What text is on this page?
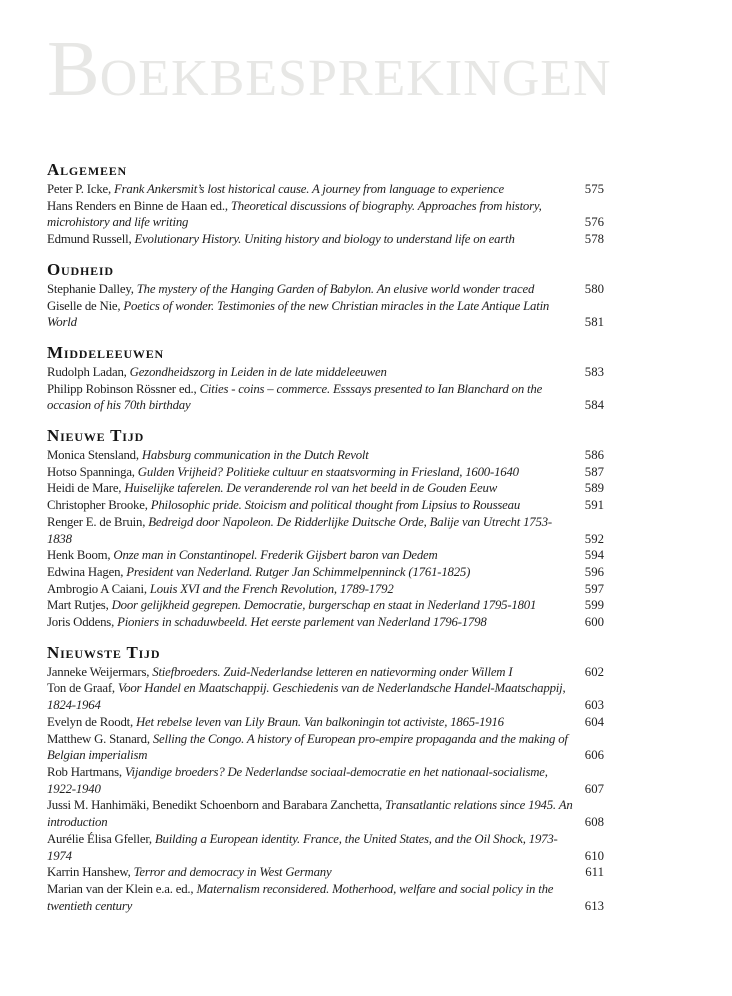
BOEKBESPREKINGEN
Algemeen
Peter P. Icke, Frank Ankersmit’s lost historical cause. A journey from language to experience	575
Hans Renders en Binne de Haan ed., Theoretical discussions of biography. Approaches from history, microhistory and life writing	576
Edmund Russell, Evolutionary History. Uniting history and biology to understand life on earth	578
Oudheid
Stephanie Dalley, The mystery of the Hanging Garden of Babylon. An elusive world wonder traced	580
Giselle de Nie, Poetics of wonder. Testimonies of the new Christian miracles in the Late Antique Latin World	581
Middeleeuwen
Rudolph Ladan, Gezondheidszorg in Leiden in de late middeleeuwen	583
Philipp Robinson Rössner ed., Cities - coins – commerce. Esssays presented to Ian Blanchard on the occasion of his 70th birthday	584
Nieuwe Tijd
Monica Stensland, Habsburg communication in the Dutch Revolt	586
Hotso Spanninga, Gulden Vrijheid? Politieke cultuur en staatsvorming in Friesland, 1600-1640	587
Heidi de Mare, Huiselijke taferelen. De veranderende rol van het beeld in de Gouden Eeuw	589
Christopher Brooke, Philosophic pride. Stoicism and political thought from Lipsius to Rousseau	591
Renger E. de Bruin, Bedreigd door Napoleon. De Ridderlijke Duitsche Orde, Balije van Utrecht 1753-1838	592
Henk Boom, Onze man in Constantinopel. Frederik Gijsbert baron van Dedem	594
Edwina Hagen, President van Nederland. Rutger Jan Schimmelpenninck (1761-1825)	596
Ambrogio A Caiani, Louis XVI and the French Revolution, 1789-1792	597
Mart Rutjes, Door gelijkheid gegrepen. Democratie, burgerschap en staat in Nederland 1795-1801	599
Joris Oddens, Pioniers in schaduwbeeld. Het eerste parlement van Nederland 1796-1798	600
Nieuwste Tijd
Janneke Weijermars, Stiefbroeders. Zuid-Nederlandse letteren en natievorming onder Willem I	602
Ton de Graaf, Voor Handel en Maatschappij. Geschiedenis van de Nederlandsche Handel-Maatschappij, 1824-1964	603
Evelyn de Roodt, Het rebelse leven van Lily Braun. Van balkoningin tot activiste, 1865-1916	604
Matthew G. Stanard, Selling the Congo. A history of European pro-empire propaganda and the making of Belgian imperialism	606
Rob Hartmans, Vijandige broeders? De Nederlandse sociaal-democratie en het nationaal-socialisme, 1922-1940	607
Jussi M. Hanhimäki, Benedikt Schoenborn and Barabara Zanchetta, Transatlantic relations since 1945. An introduction	608
Aurélie Élisa Gfeller, Building a European identity. France, the United States, and the Oil Shock, 1973-1974	610
Karrin Hanshew, Terror and democracy in West Germany	611
Marian van der Klein e.a. ed., Maternalism reconsidered. Motherhood, welfare and social policy in the twentieth century	613
